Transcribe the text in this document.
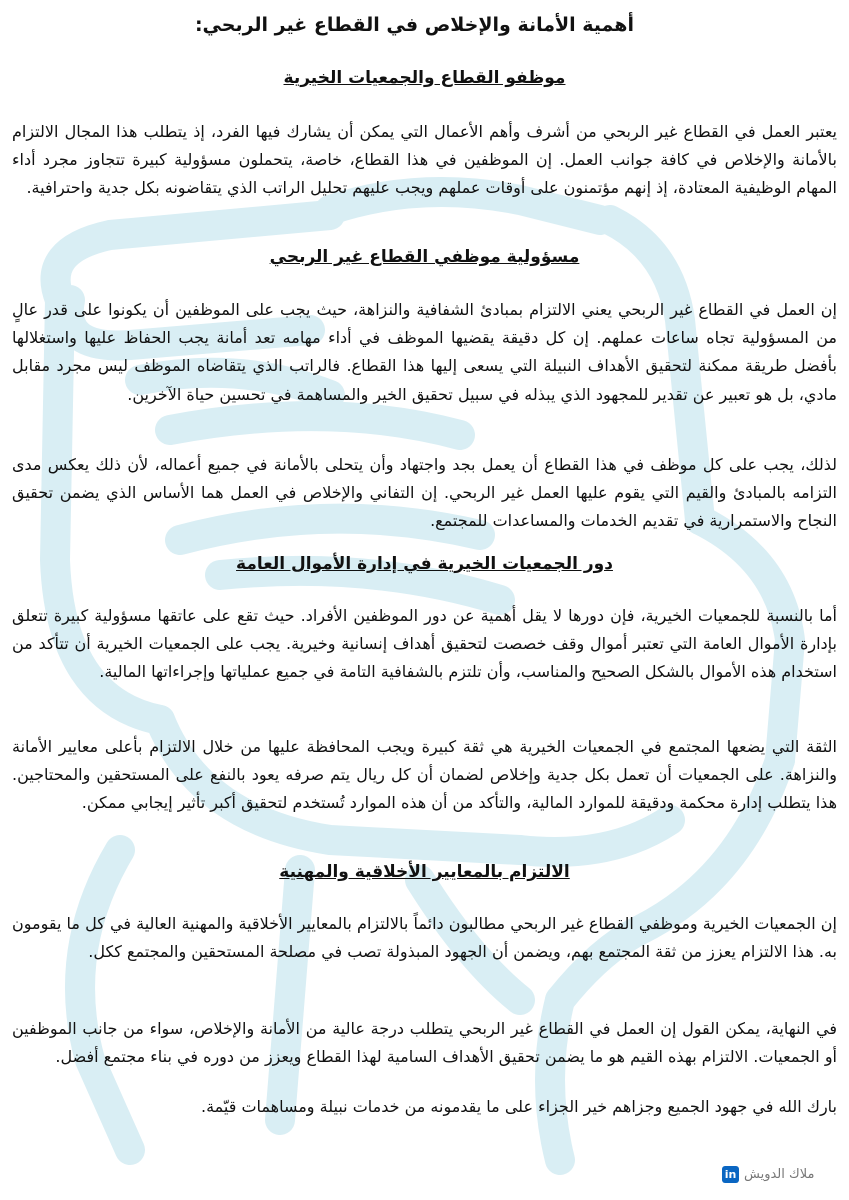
أهمية الأمانة والإخلاص في القطاع غير الربحي:
موظفو القطاع والجمعيات الخيرية

يعتبر العمل في القطاع غير الربحي من أشرف وأهم الأعمال التي يمكن أن يشارك فيها الفرد، إذ يتطلب هذا المجال الالتزام بالأمانة والإخلاص في كافة جوانب العمل. إن الموظفين في هذا القطاع، خاصة، يتحملون مسؤولية كبيرة تتجاوز مجرد أداء المهام الوظيفية المعتادة، إذ إنهم مؤتمنون على أوقات عملهم ويجب عليهم تحليل الراتب الذي يتقاضونه بكل جدية واحترافية.

مسؤولية موظفي القطاع غير الربحي

إن العمل في القطاع غير الربحي يعني الالتزام بمبادئ الشفافية والنزاهة، حيث يجب على الموظفين أن يكونوا على قدر عالٍ من المسؤولية تجاه ساعات عملهم. إن كل دقيقة يقضيها الموظف في أداء مهامه تعد أمانة يجب الحفاظ عليها واستغلالها بأفضل طريقة ممكنة لتحقيق الأهداف النبيلة التي يسعى إليها هذا القطاع. فالراتب الذي يتقاضاه الموظف ليس مجرد مقابل مادي، بل هو تعبير عن تقدير للمجهود الذي يبذله في سبيل تحقيق الخير والمساهمة في تحسين حياة الآخرين.

لذلك، يجب على كل موظف في هذا القطاع أن يعمل بجد واجتهاد وأن يتحلى بالأمانة في جميع أعماله، لأن ذلك يعكس مدى التزامه بالمبادئ والقيم التي يقوم عليها العمل غير الربحي. إن التفاني والإخلاص في العمل هما الأساس الذي يضمن تحقيق النجاح والاستمرارية في تقديم الخدمات والمساعدات للمجتمع.

دور الجمعيات الخيرية في إدارة الأموال العامة

أما بالنسبة للجمعيات الخيرية، فإن دورها لا يقل أهمية عن دور الموظفين الأفراد. حيث تقع على عاتقها مسؤولية كبيرة تتعلق بإدارة الأموال العامة التي تعتبر أموال وقف خصصت لتحقيق أهداف إنسانية وخيرية. يجب على الجمعيات الخيرية أن تتأكد من استخدام هذه الأموال بالشكل الصحيح والمناسب، وأن تلتزم بالشفافية التامة في جميع عملياتها وإجراءاتها المالية.

الثقة التي يضعها المجتمع في الجمعيات الخيرية هي ثقة كبيرة ويجب المحافظة عليها من خلال الالتزام بأعلى معايير الأمانة والنزاهة. على الجمعيات أن تعمل بكل جدية وإخلاص لضمان أن كل ريال يتم صرفه يعود بالنفع على المستحقين والمحتاجين. هذا يتطلب إدارة محكمة ودقيقة للموارد المالية، والتأكد من أن هذه الموارد تُستخدم لتحقيق أكبر تأثير إيجابي ممكن.

الالتزام بالمعايير الأخلاقية والمهنية

إن الجمعيات الخيرية وموظفي القطاع غير الربحي مطالبون دائماً بالالتزام بالمعايير الأخلاقية والمهنية العالية في كل ما يقومون به. هذا الالتزام يعزز من ثقة المجتمع بهم، ويضمن أن الجهود المبذولة تصب في مصلحة المستحقين والمجتمع ككل.

في النهاية، يمكن القول إن العمل في القطاع غير الربحي يتطلب درجة عالية من الأمانة والإخلاص، سواء من جانب الموظفين أو الجمعيات. الالتزام بهذه القيم هو ما يضمن تحقيق الأهداف السامية لهذا القطاع ويعزز من دوره في بناء مجتمع أفضل.

بارك الله في جهود الجميع وجزاهم خير الجزاء على ما يقدمونه من خدمات نبيلة ومساهمات قيّمة.

in ملاك الدويش
